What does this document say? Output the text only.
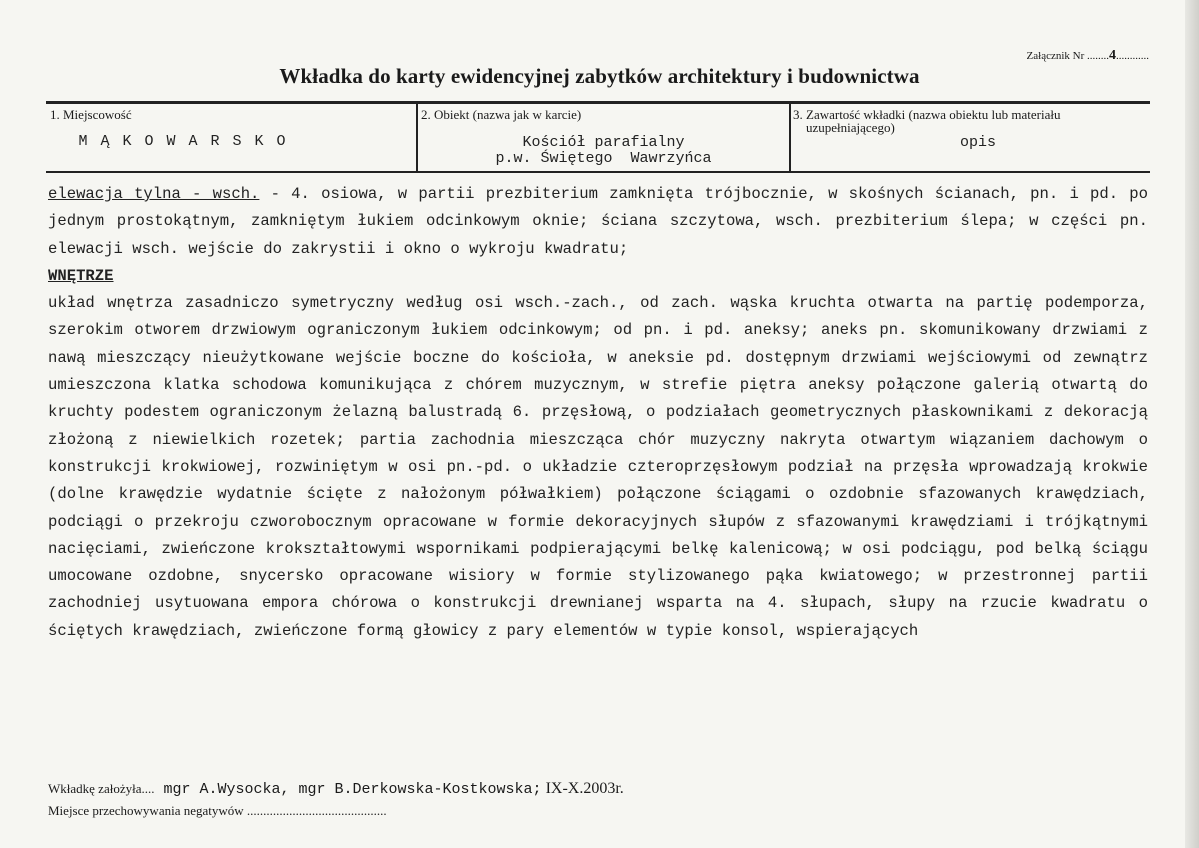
Załącznik Nr ........4............
Wkładka do karty ewidencyjnej zabytków architektury i budownictwa
1. Miejscowość
M Ą K O W A R S K O
2. Obiekt (nazwa jak w karcie)
Kościół parafialny
p.w. Świętego  Wawrzyńca
3. Zawartość wkładki (nazwa obiektu lub materiału
uzupełniającego)
opis

elewacja tylna - wsch. - 4. osiowa, w partii prezbiterium zamknięta trójbocznie, w skośnych ścianach, pn. i pd. po jednym prostokątnym, zamkniętym łukiem odcinkowym oknie; ściana szczytowa, wsch. prezbiterium ślepa; w części pn. elewacji wsch. wejście do zakrystii i okno o wykroju kwadratu;

WNĘTRZE

układ wnętrza zasadniczo symetryczny według osi wsch.-zach., od zach. wąska kruchta otwarta na partię podemporza, szerokim otworem drzwiowym ograniczonym łukiem odcinkowym; od pn. i pd. aneksy; aneks pn. skomunikowany drzwiami z nawą mieszczący nieużytkowane wejście boczne do kościoła, w aneksie pd. dostępnym drzwiami wejściowymi od zewnątrz umieszczona klatka schodowa komunikująca z chórem muzycznym, w strefie piętra aneksy połączone galerią otwartą do kruchty podestem ograniczonym żelazną balustradą 6. przęsłową, o podziałach geometrycznych płaskownikami z dekoracją złożoną z niewielkich rozetek; partia zachodnia mieszcząca chór muzyczny nakryta otwartym wiązaniem dachowym o konstrukcji krokwiowej, rozwiniętym w osi pn.-pd. o układzie czteroprzęsłowym podział na przęsła wprowadzają krokwie (dolne krawędzie wydatnie ścięte z nałożonym półwałkiem) połączone ściągami o ozdobnie sfazowanych krawędziach, podciągi o przekroju czworobocznym opracowane w formie dekoracyjnych słupów z sfazowanymi krawędziami i trójkątnymi nacięciami, zwieńczone krokształtowymi wspornikami podpierającymi belkę kalenicową; w osi podciągu, pod belką ściągu umocowane ozdobne, snycersko opracowane wisiory w formie stylizowanego pąka kwiatowego; w przestronnej partii zachodniej usytuowana empora chórowa o konstrukcji drewnianej wsparta na 4. słupach, słupy na rzucie kwadratu o ściętych krawędziach, zwieńczone formą głowicy z pary elementów w typie konsol, wspierających

Wkładkę założyła.... mgr A.Wysocka, mgr B.Derkowska-Kostkowska; IX-X.2003r.
Miejsce przechowywania negatywów ...........................................
